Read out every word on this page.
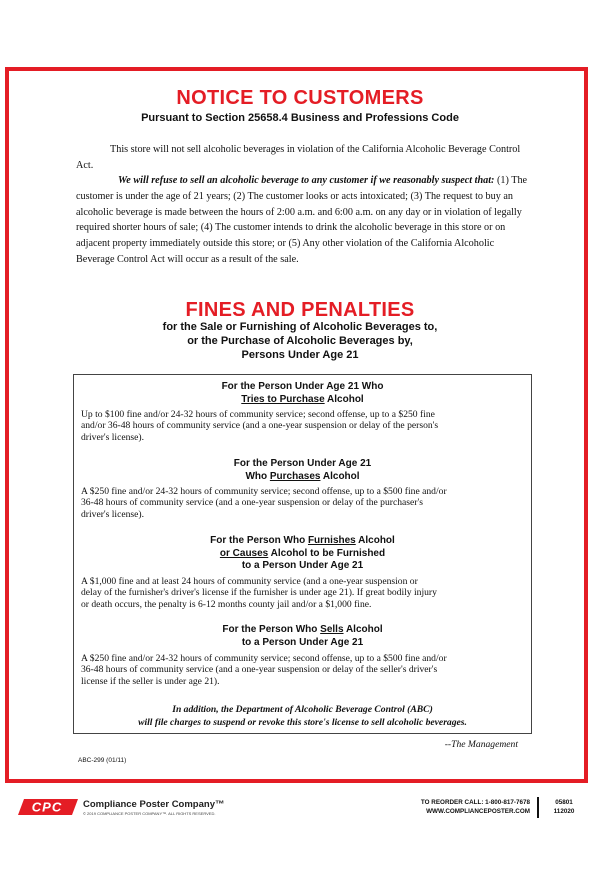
NOTICE TO CUSTOMERS
Pursuant to Section 25658.4 Business and Professions Code
This store will not sell alcoholic beverages in violation of the California Alcoholic Beverage Control Act.
We will refuse to sell an alcoholic beverage to any customer if we reasonably suspect that: (1) The customer is under the age of 21 years; (2) The customer looks or acts intoxicated; (3) The request to buy an alcoholic beverage is made between the hours of 2:00 a.m. and 6:00 a.m. on any day or in violation of legally required shorter hours of sale; (4) The customer intends to drink the alcoholic beverage in this store or on adjacent property immediately outside this store; or (5) Any other violation of the California Alcoholic Beverage Control Act will occur as a result of the sale.
FINES AND PENALTIES
for the Sale or Furnishing of Alcoholic Beverages to,
or the Purchase of Alcoholic Beverages by,
Persons Under Age 21
For the Person Under Age 21 Who
Tries to Purchase Alcohol
Up to $100 fine and/or 24-32 hours of community service; second offense, up to a $250 fine
and/or 36-48 hours of community service (and a one-year suspension or delay of the person's
driver's license).
For the Person Under Age 21
Who Purchases Alcohol
A $250 fine and/or 24-32 hours of community service; second offense, up to a $500 fine and/or
36-48 hours of community service (and a one-year suspension or delay of the purchaser's
driver's license).
For the Person Who Furnishes Alcohol
or Causes Alcohol to be Furnished
to a Person Under Age 21
A $1,000 fine and at least 24 hours of community service (and a one-year suspension or
delay of the furnisher's driver's license if the furnisher is under age 21). If great bodily injury
or death occurs, the penalty is 6-12 months county jail and/or a $1,000 fine.
For the Person Who Sells Alcohol
to a Person Under Age 21
A $250 fine and/or 24-32 hours of community service; second offense, up to a $500 fine and/or
36-48 hours of community service (and a one-year suspension or delay of the seller's driver's
license if the seller is under age 21).
In addition, the Department of Alcoholic Beverage Control (ABC)
will file charges to suspend or revoke this store's license to sell alcoholic beverages.
--The Management
ABC-299 (01/11)
CPC Compliance Poster Company™
© 2019 COMPLIANCE POSTER COMPANY™. ALL RIGHTS RESERVED.
TO REORDER CALL: 1-800-817-7678
WWW.COMPLIANCEPOSTER.COM
05801
112020
